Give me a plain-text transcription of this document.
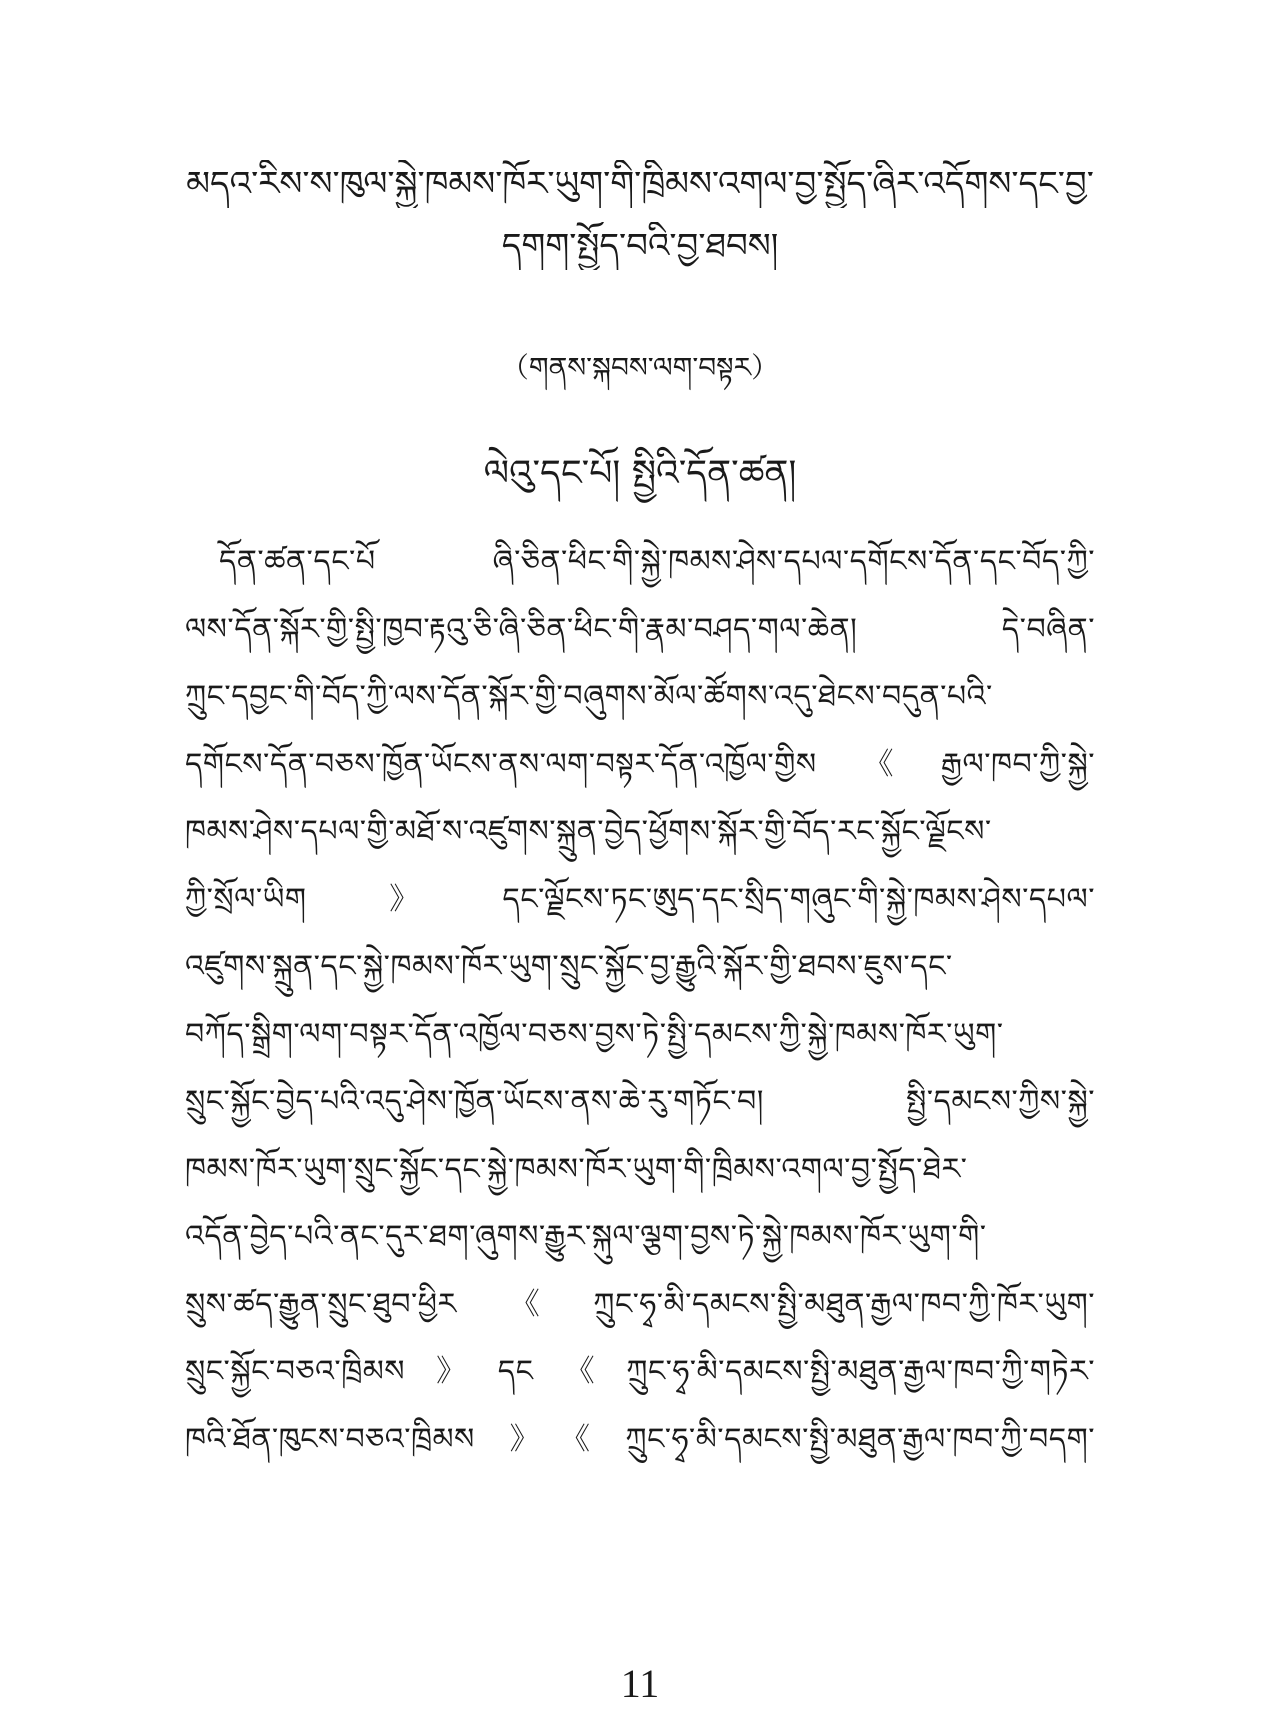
མདའ་རིས་ས་ཁུལ་སྐྱེ་ཁམས་ཁོར་ཡུག་གི་ཁྲིམས་འགལ་བྱ་སྤྱོད་ཞིར་འདོགས་དང་བྱ་
དགག་སྤྱོད་བའི་བྱ་ཐབས།
（གནས་སྐབས་ལག་བསྟར）
ལེའུ་དང་པོ། སྤྱིའི་དོན་ཚན།
དོན་ཚན་དང་པོ ཞི་ཅིན་ཕིང་གི་སྐྱེ་ཁམས་ཤེས་དཔལ་དགོངས་དོན་དང་བོད་ཀྱི་
ལས་དོན་སྐོར་གྱི་སྤྱི་ཁྱབ་རྟའུ་ཅི་ཞི་ཅིན་ཕིང་གི་རྣམ་བཤད་གལ་ཆེན། དེ་བཞིན་
ཀྲུང་དབྱང་གི་བོད་ཀྱི་ལས་དོན་སྐོར་གྱི་བཞུགས་མོལ་ཚོགས་འདུ་ཐེངས་བདུན་པའི་
དགོངས་དོན་བཅས་ཁྱོན་ཡོངས་ནས་ལག་བསྟར་དོན་འཁྱོལ་གྱིས《རྒྱལ་ཁབ་ཀྱི་སྐྱེ་
ཁམས་ཤེས་དཔལ་གྱི་མཐོ་ས་འཛུགས་སྐྲུན་བྱེད་ཕྱོགས་སྐོར་གྱི་བོད་རང་སྐྱོང་ལྗོངས་
ཀྱི་སྲོལ་ཡིག》དང་ལྗོངས་ཏང་ཨུད་དང་སྲིད་གཞུང་གི་སྐྱེ་ཁམས་ཤེས་དཔལ་
འཛུགས་སྐྲུན་དང་སྐྱེ་ཁམས་ཁོར་ཡུག་སྲུང་སྐྱོང་བྱ་རྒྱུའི་སྐོར་གྱི་ཐབས་ཇུས་དང་
བཀོད་སྒྲིག་ལག་བསྟར་དོན་འཁྱོལ་བཅས་བྱས་ཏེ་སྤྱི་དམངས་ཀྱི་སྐྱེ་ཁམས་ཁོར་ཡུག་
སྲུང་སྐྱོང་བྱེད་པའི་འདུ་ཤེས་ཁྱོན་ཡོངས་ནས་ཆེ་རུ་གཏོང་བ། སྤྱི་དམངས་ཀྱིས་སྐྱེ་
ཁམས་ཁོར་ཡུག་སྲུང་སྐྱོང་དང་སྐྱེ་ཁམས་ཁོར་ཡུག་གི་ཁྲིམས་འགལ་བྱ་སྤྱོད་ཐེར་
འདོན་བྱེད་པའི་ནང་དུར་ཐག་ཞུགས་རྒྱུར་སྐུལ་ལྕག་བྱས་ཏེ་སྐྱེ་ཁམས་ཁོར་ཡུག་གི་
སྲུས་ཚད་རྒྱུན་སྲུང་ཐུབ་ཕྱིར《ཀྲུང་ཧྭ་མི་དམངས་སྤྱི་མཐུན་རྒྱལ་ཁབ་ཀྱི་ཁོར་ཡུག་
སྲུང་སྐྱོང་བཅའ་ཁྲིམས》དང《ཀྲུང་ཧྭ་མི་དམངས་སྤྱི་མཐུན་རྒྱལ་ཁབ་ཀྱི་གཏེར་
ཁའི་ཐོན་ཁུངས་བཅའ་ཁྲིམས》《ཀྲུང་ཧྭ་མི་དམངས་སྤྱི་མཐུན་རྒྱལ་ཁབ་ཀྱི་བདག་
11
